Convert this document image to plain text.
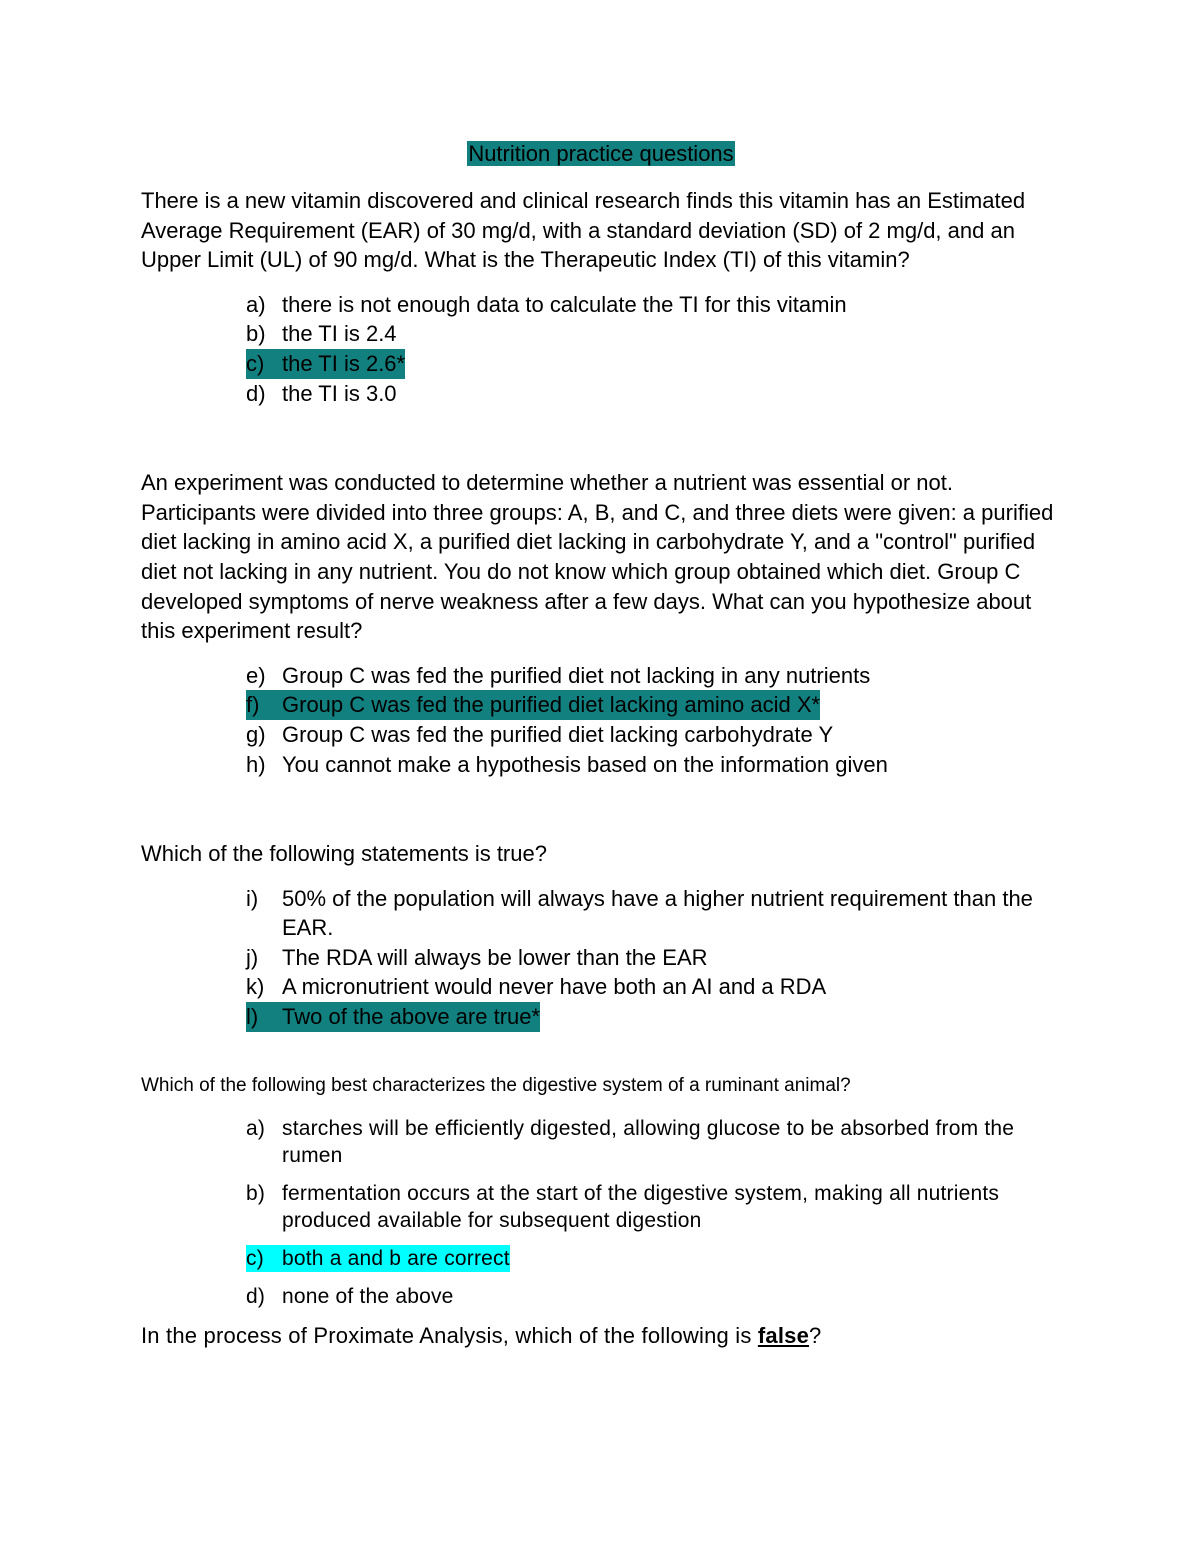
Nutrition practice questions

There is a new vitamin discovered and clinical research finds this vitamin has an Estimated Average Requirement (EAR) of 30 mg/d, with a standard deviation (SD) of 2 mg/d, and an Upper Limit (UL) of 90 mg/d. What is the Therapeutic Index (TI) of this vitamin?

a) there is not enough data to calculate the TI for this vitamin
b) the TI is 2.4
c) the TI is 2.6*
d) the TI is 3.0

An experiment was conducted to determine whether a nutrient was essential or not. Participants were divided into three groups: A, B, and C, and three diets were given: a purified diet lacking in amino acid X, a purified diet lacking in carbohydrate Y, and a "control" purified diet not lacking in any nutrient. You do not know which group obtained which diet. Group C developed symptoms of nerve weakness after a few days. What can you hypothesize about this experiment result?

e) Group C was fed the purified diet not lacking in any nutrients
f) Group C was fed the purified diet lacking amino acid X*
g) Group C was fed the purified diet lacking carbohydrate Y
h) You cannot make a hypothesis based on the information given

Which of the following statements is true?

i) 50% of the population will always have a higher nutrient requirement than the EAR.
j) The RDA will always be lower than the EAR
k) A micronutrient would never have both an AI and a RDA
l) Two of the above are true*

Which of the following best characterizes the digestive system of a ruminant animal?

a) starches will be efficiently digested, allowing glucose to be absorbed from the rumen
b) fermentation occurs at the start of the digestive system, making all nutrients produced available for subsequent digestion
c) both a and b are correct
d) none of the above

In the process of Proximate Analysis, which of the following is false?
